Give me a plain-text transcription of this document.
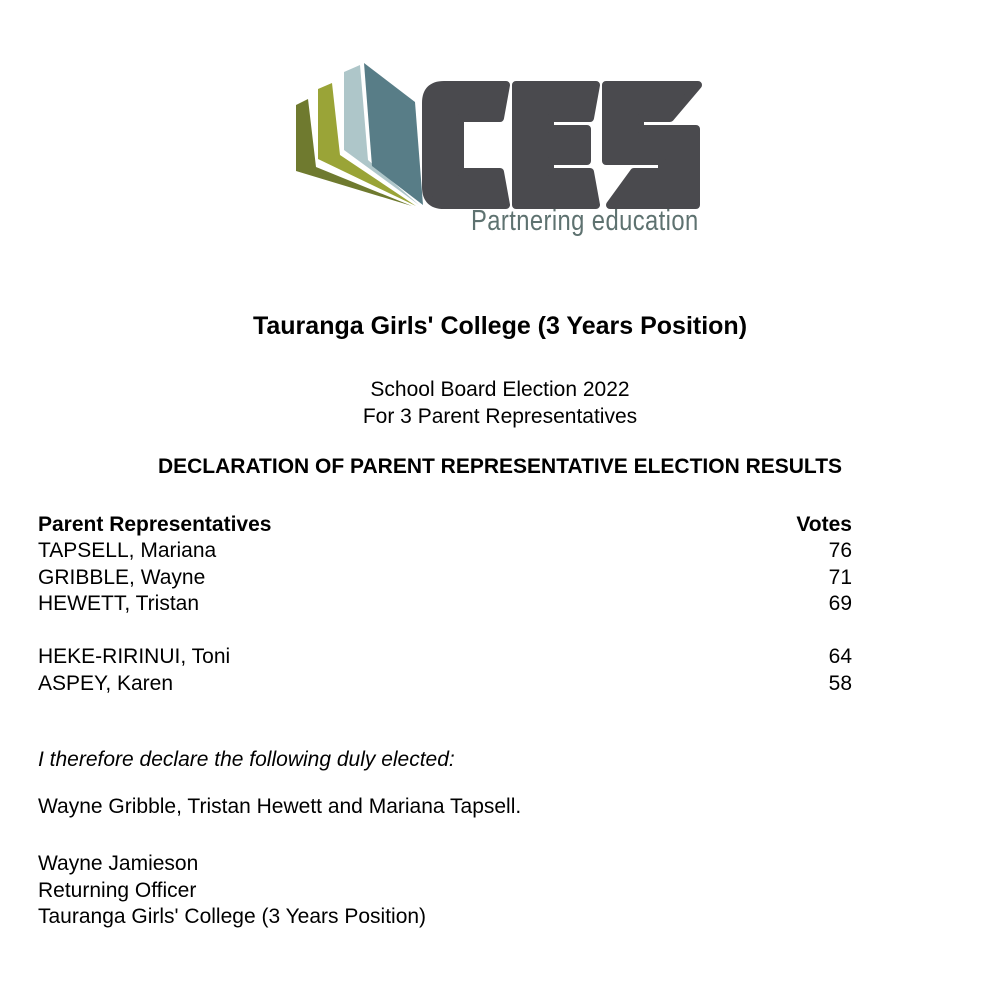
Partnering education
Tauranga Girls' College (3 Years Position)
School Board Election 2022
For 3 Parent Representatives
DECLARATION OF PARENT REPRESENTATIVE ELECTION RESULTS
Parent Representatives	Votes
TAPSELL, Mariana	76
GRIBBLE, Wayne	71
HEWETT, Tristan	69
HEKE-RIRINUI, Toni	64
ASPEY, Karen	58

I therefore declare the following duly elected:

Wayne Gribble, Tristan Hewett and Mariana Tapsell.

Wayne Jamieson
Returning Officer
Tauranga Girls' College (3 Years Position)
